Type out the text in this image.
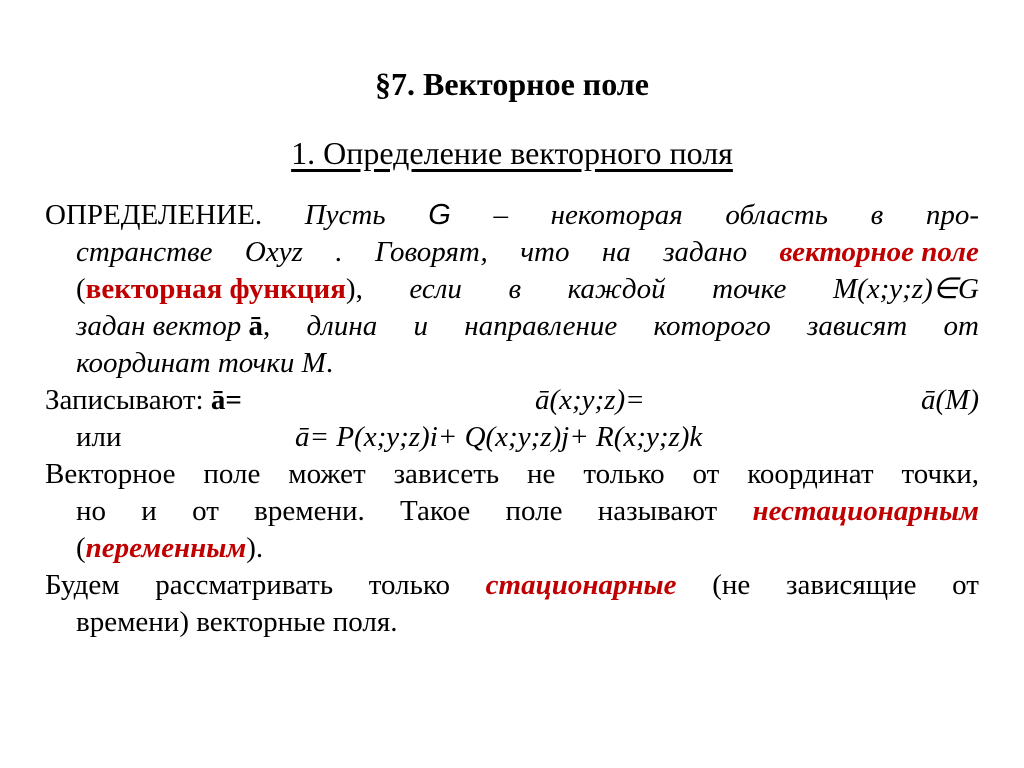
§7. Векторное поле
1. Определение векторного поля
ОПРЕДЕЛЕНИЕ. Пусть G – некоторая область в про-
странстве Oxyz . Говорят, что на задано векторное поле
(векторная функция), если в каждой точке M(x;y;z)∈G
задан вектор ā, длина и направление которого зависят от
координат точки M.
Записывают: ā=	ā(x;y;z)=	ā(M)
или	ā= P(x;y;z)i+ Q(x;y;z)j+ R(x;y;z)k
Векторное поле может зависеть не только от координат точки,
но и от времени. Такое поле называют нестационарным
(переменным).
Будем рассматривать только стационарные (не зависящие от
времени) векторные поля.
